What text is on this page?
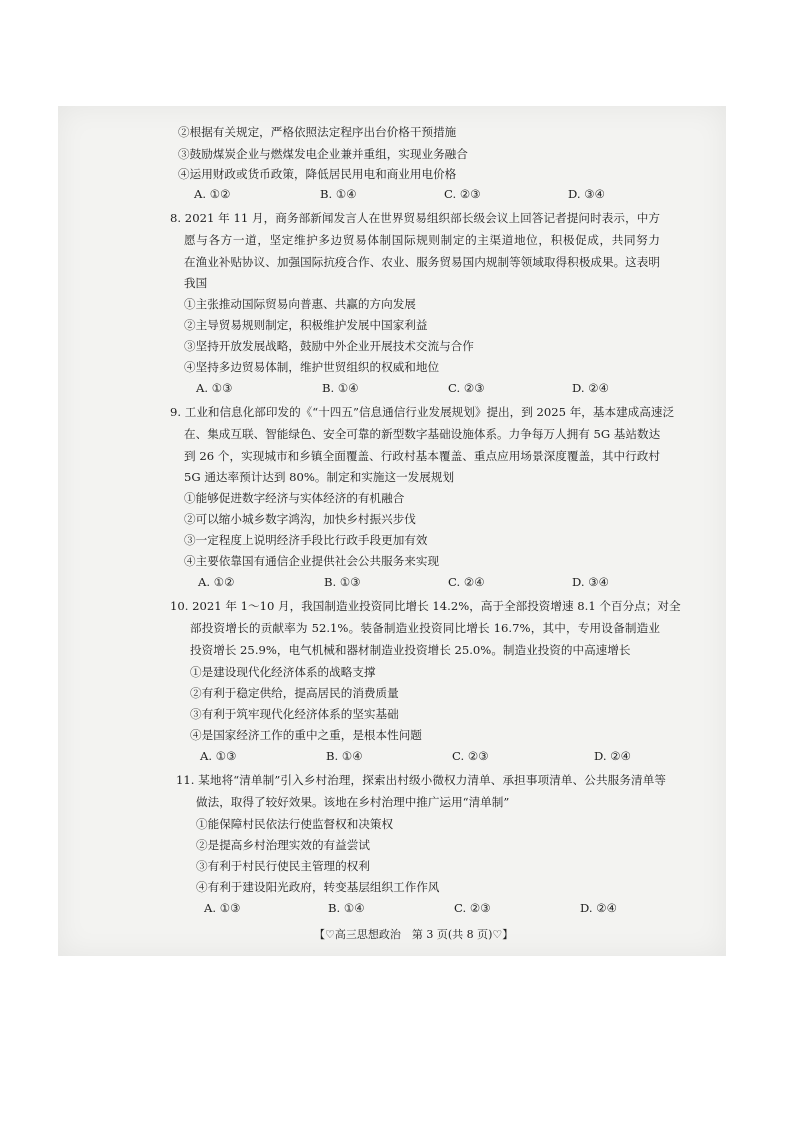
②根据有关规定，严格依照法定程序出台价格干预措施
③鼓励煤炭企业与燃煤发电企业兼并重组，实现业务融合
④运用财政或货币政策，降低居民用电和商业用电价格
A. ①②	B. ①④	C. ②③	D. ③④
8. 2021 年 11 月，商务部新闻发言人在世界贸易组织部长级会议上回答记者提问时表示，中方
愿与各方一道，坚定维护多边贸易体制国际规则制定的主渠道地位，积极促成，共同努力
在渔业补贴协议、加强国际抗疫合作、农业、服务贸易国内规制等领域取得积极成果。这表明
我国
①主张推动国际贸易向普惠、共赢的方向发展
②主导贸易规则制定，积极维护发展中国家利益
③坚持开放发展战略，鼓励中外企业开展技术交流与合作
④坚持多边贸易体制，维护世贸组织的权威和地位
A. ①③	B. ①④	C. ②③	D. ②④
9. 工业和信息化部印发的《“十四五”信息通信行业发展规划》提出，到 2025 年，基本建成高速泛
在、集成互联、智能绿色、安全可靠的新型数字基础设施体系。力争每万人拥有 5G 基站数达
到 26 个，实现城市和乡镇全面覆盖、行政村基本覆盖、重点应用场景深度覆盖，其中行政村
5G 通达率预计达到 80%。制定和实施这一发展规划
①能够促进数字经济与实体经济的有机融合
②可以缩小城乡数字鸿沟，加快乡村振兴步伐
③一定程度上说明经济手段比行政手段更加有效
④主要依靠国有通信企业提供社会公共服务来实现
A. ①②	B. ①③	C. ②④	D. ③④
10. 2021 年 1～10 月，我国制造业投资同比增长 14.2%，高于全部投资增速 8.1 个百分点；对全
部投资增长的贡献率为 52.1%。装备制造业投资同比增长 16.7%，其中，专用设备制造业
投资增长 25.9%，电气机械和器材制造业投资增长 25.0%。制造业投资的中高速增长
①是建设现代化经济体系的战略支撑
②有利于稳定供给，提高居民的消费质量
③有利于筑牢现代化经济体系的坚实基础
④是国家经济工作的重中之重，是根本性问题
A. ①③	B. ①④	C. ②③	D. ②④
11. 某地将“清单制”引入乡村治理，探索出村级小微权力清单、承担事项清单、公共服务清单等
做法，取得了较好效果。该地在乡村治理中推广运用“清单制”
①能保障村民依法行使监督权和决策权
②是提高乡村治理实效的有益尝试
③有利于村民行使民主管理的权利
④有利于建设阳光政府，转变基层组织工作作风
A. ①③	B. ①④	C. ②③	D. ②④
【♡高三思想政治　第 3 页(共 8 页)♡】
